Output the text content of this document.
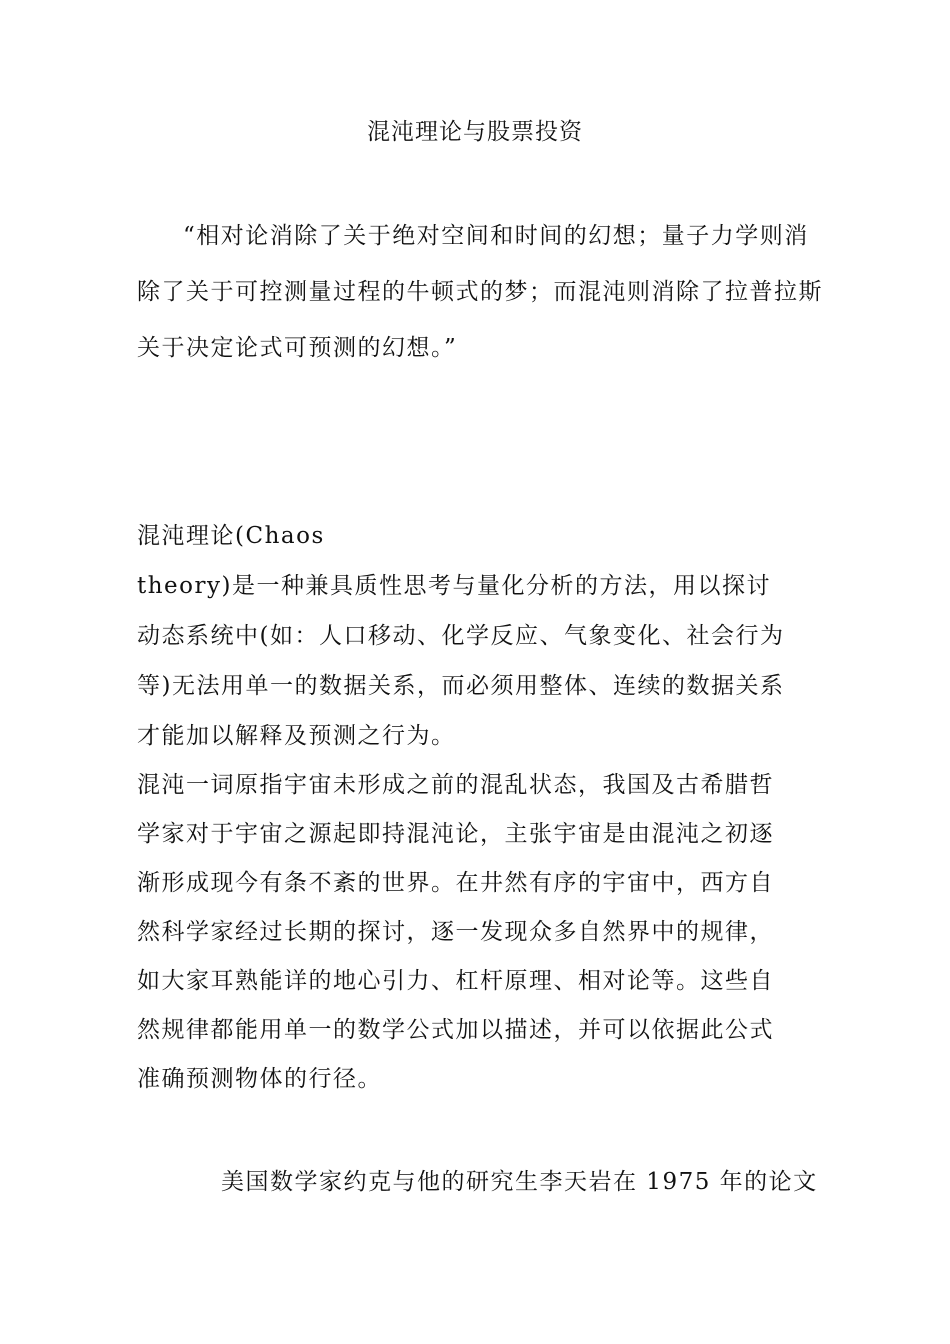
混沌理论与股票投资
“相对论消除了关于绝对空间和时间的幻想；量子力学则消除了关于可控测量过程的牛顿式的梦；而混沌则消除了拉普拉斯关于决定论式可预测的幻想。”
混沌理论(Chaos
theory)是一种兼具质性思考与量化分析的方法，用以探讨
动态系统中(如：人口移动、化学反应、气象变化、社会行为
等)无法用单一的数据关系，而必须用整体、连续的数据关系
才能加以解释及预测之行为。
混沌一词原指宇宙未形成之前的混乱状态，我国及古希腊哲
学家对于宇宙之源起即持混沌论，主张宇宙是由混沌之初逐
渐形成现今有条不紊的世界。在井然有序的宇宙中，西方自
然科学家经过长期的探讨，逐一发现众多自然界中的规律，
如大家耳熟能详的地心引力、杠杆原理、相对论等。这些自
然规律都能用单一的数学公式加以描述，并可以依据此公式
准确预测物体的行径。
美国数学家约克与他的研究生李天岩在 1975 年的论文
